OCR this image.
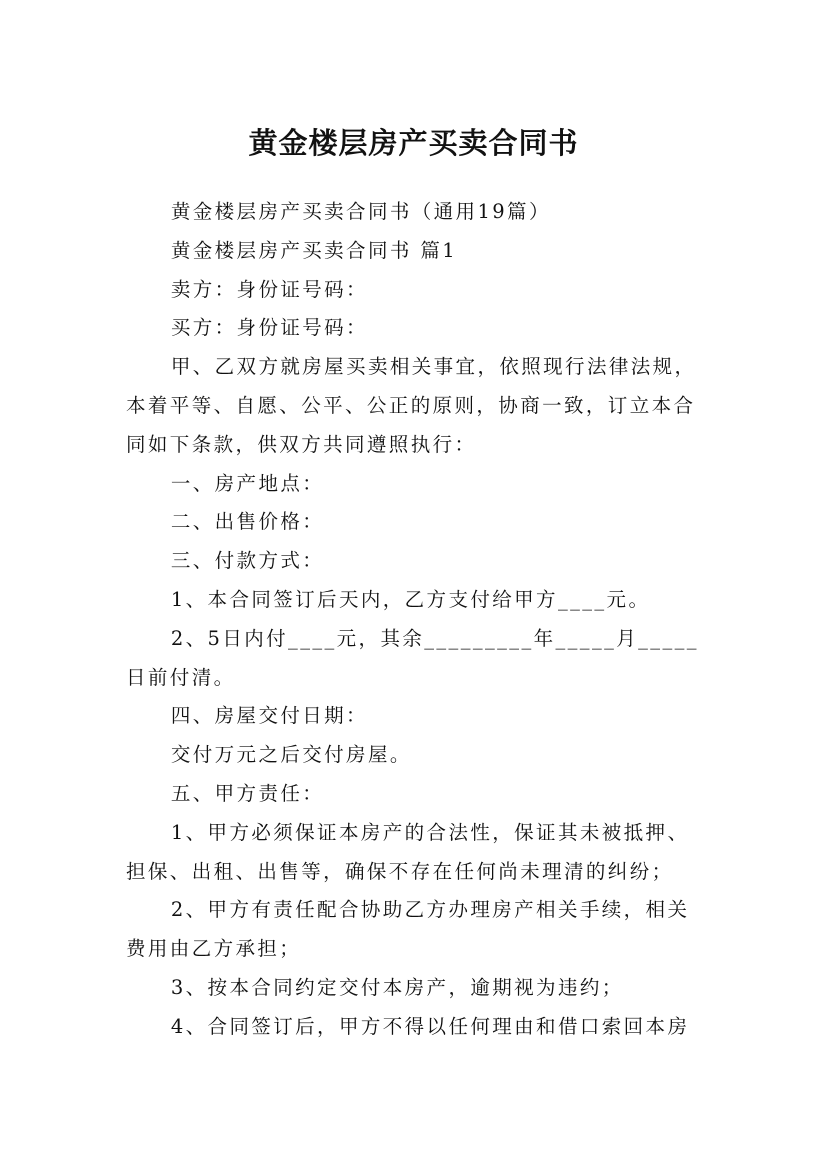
黄金楼层房产买卖合同书

黄金楼层房产买卖合同书（通用19篇）

黄金楼层房产买卖合同书 篇1

卖方：身份证号码：

买方：身份证号码：

甲、乙双方就房屋买卖相关事宜，依照现行法律法规，本着平等、自愿、公平、公正的原则，协商一致，订立本合同如下条款，供双方共同遵照执行：

一、房产地点：

二、出售价格：

三、付款方式：

1、本合同签订后天内，乙方支付给甲方____元。

2、5日内付____元，其余_________年_____月_____日前付清。

四、房屋交付日期：

交付万元之后交付房屋。

五、甲方责任：

1、甲方必须保证本房产的合法性，保证其未被抵押、担保、出租、出售等，确保不存在任何尚未理清的纠纷；

2、甲方有责任配合协助乙方办理房产相关手续，相关费用由乙方承担；

3、按本合同约定交付本房产，逾期视为违约；

4、合同签订后，甲方不得以任何理由和借口索回本房
